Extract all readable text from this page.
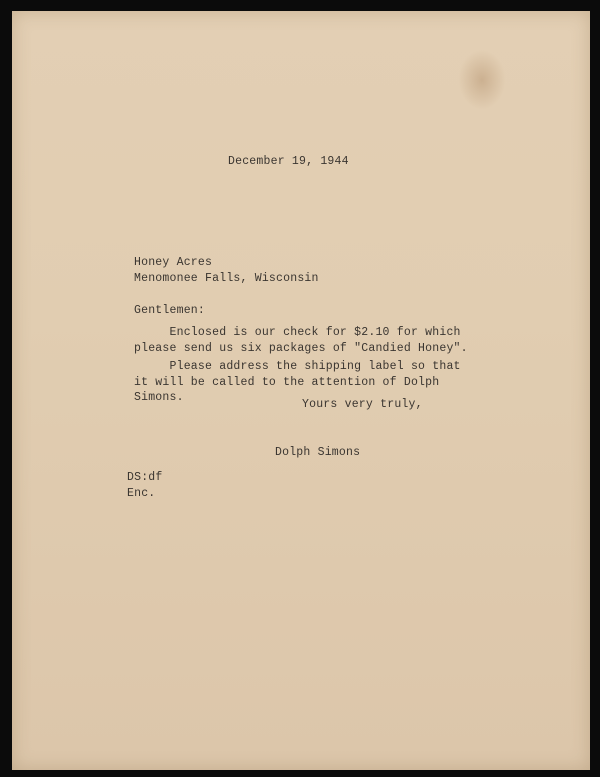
December 19, 1944

Honey Acres
Menomonee Falls, Wisconsin

Gentlemen:

Enclosed is our check for $2.10 for which
please send us six packages of "Candied Honey".
Please address the shipping label so that
it will be called to the attention of Dolph
Simons.

Yours very truly,

Dolph Simons

DS:df
Enc.
